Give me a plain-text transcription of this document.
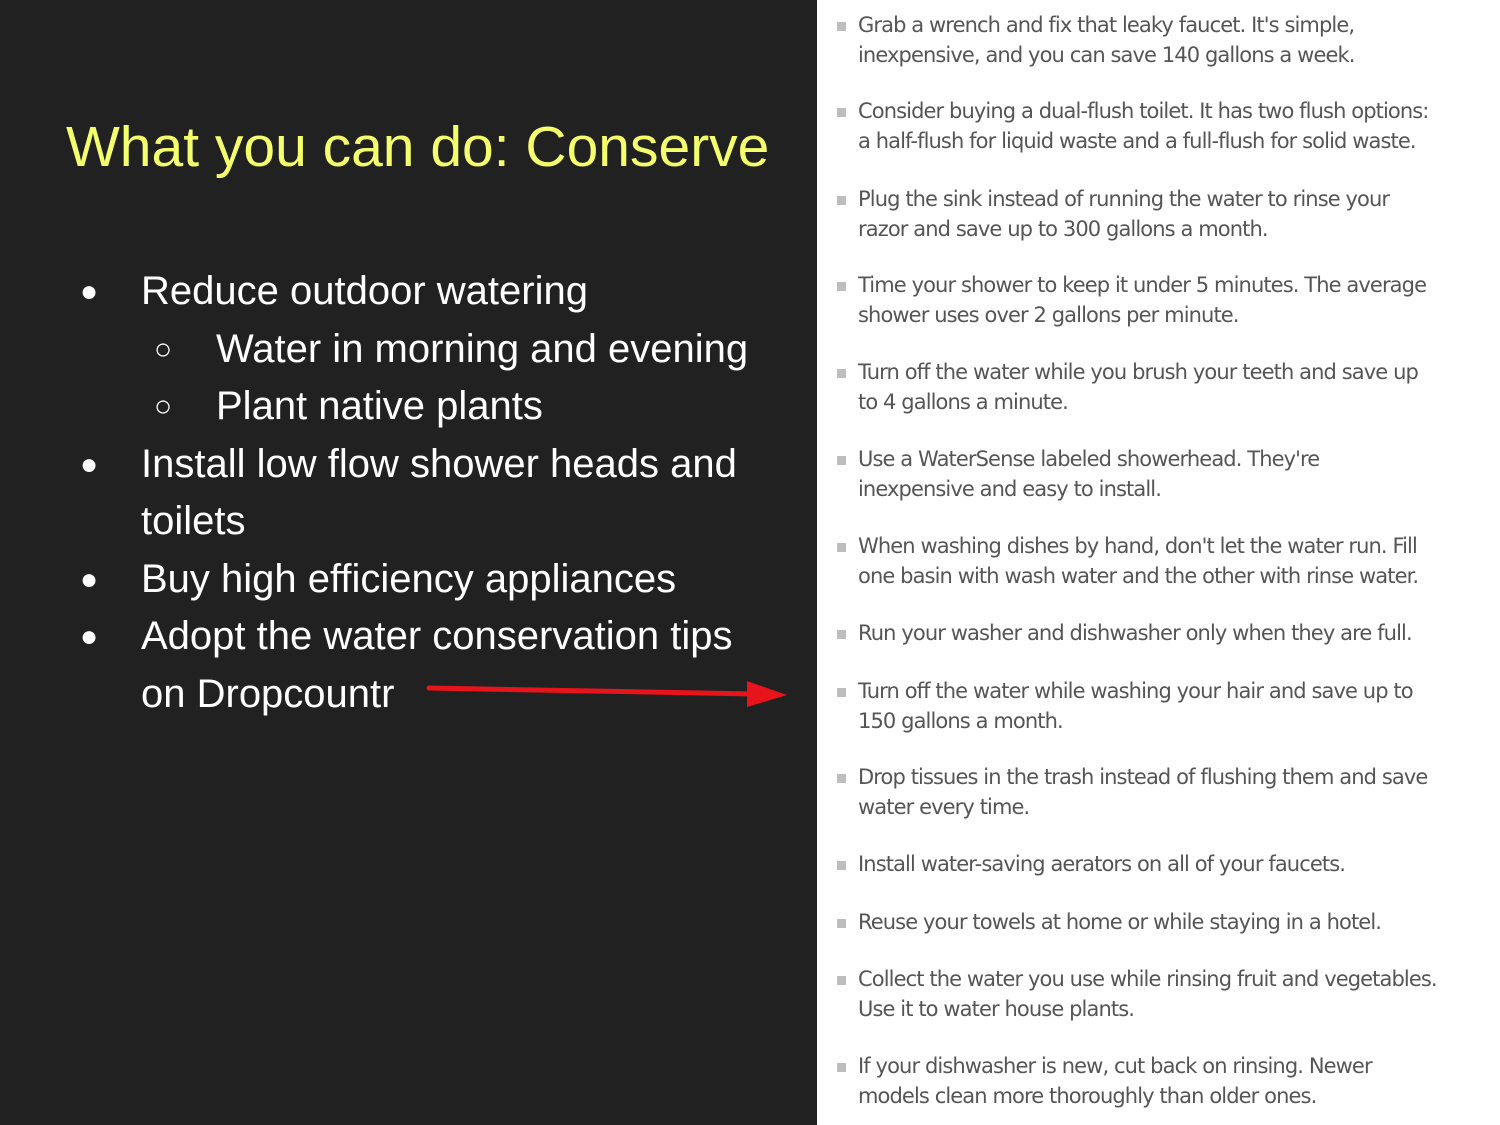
What you can do: Conserve
● Reduce outdoor watering
○ Water in morning and evening
○ Plant native plants
● Install low flow shower heads and
toilets
● Buy high efficiency appliances
● Adopt the water conservation tips
on Dropcountr
Grab a wrench and fix that leaky faucet. It's simple,
inexpensive, and you can save 140 gallons a week.
Consider buying a dual-flush toilet. It has two flush options:
a half-flush for liquid waste and a full-flush for solid waste.
Plug the sink instead of running the water to rinse your
razor and save up to 300 gallons a month.
Time your shower to keep it under 5 minutes. The average
shower uses over 2 gallons per minute.
Turn off the water while you brush your teeth and save up
to 4 gallons a minute.
Use a WaterSense labeled showerhead. They're
inexpensive and easy to install.
When washing dishes by hand, don't let the water run. Fill
one basin with wash water and the other with rinse water.
Run your washer and dishwasher only when they are full.
Turn off the water while washing your hair and save up to
150 gallons a month.
Drop tissues in the trash instead of flushing them and save
water every time.
Install water-saving aerators on all of your faucets.
Reuse your towels at home or while staying in a hotel.
Collect the water you use while rinsing fruit and vegetables.
Use it to water house plants.
If your dishwasher is new, cut back on rinsing. Newer
models clean more thoroughly than older ones.
